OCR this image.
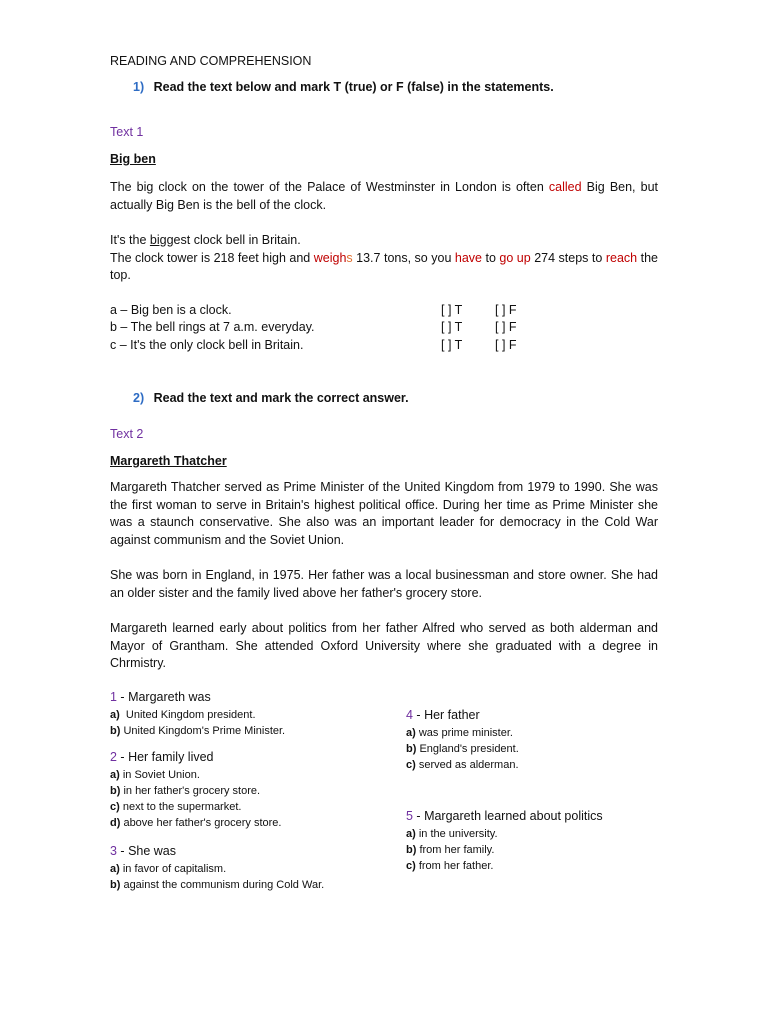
READING AND COMPREHENSION
1) Read the text below and mark T (true) or F (false) in the statements.
Text 1
Big ben

The big clock on the tower of the Palace of Westminster in London is often called Big Ben, but actually Big Ben is the bell of the clock.

It's the biggest clock bell in Britain.

The clock tower is 218 feet high and weighs 13.7 tons, so you have to go up 274 steps to reach the top.

a – Big ben is a clock.	[ ] T	[ ] F
b – The bell rings at 7 a.m. everyday.	[ ] T	[ ] F
c – It's the only clock bell in Britain.	[ ] T	[ ] F
2) Read the text and mark the correct answer.
Text 2
Margareth Thatcher

Margareth Thatcher served as Prime Minister of the United Kingdom from 1979 to 1990. She was the first woman to serve in Britain's highest political office. During her time as Prime Minister she was a staunch conservative. She also was an important leader for democracy in the Cold War against communism and the Soviet Union.

She was born in England, in 1975. Her father was a local businessman and store owner. She had an older sister and the family lived above her father's grocery store.

Margareth learned early about politics from her father Alfred who served as both alderman and Mayor of Grantham. She attended Oxford University where she graduated with a degree in Chrmistry.

1 - Margareth was
a)  United Kingdom president.
b) United Kingdom's Prime Minister.
2 - Her family lived
a) in Soviet Union.
b) in her father's grocery store.
c) next to the supermarket.
d) above her father's grocery store.
3 - She was
a) in favor of capitalism.
b) against the communism during Cold War.
4 - Her father
a) was prime minister.
b) England's president.
c) served as alderman.
5 - Margareth learned about politics
a) in the university.
b) from her family.
c) from her father.
